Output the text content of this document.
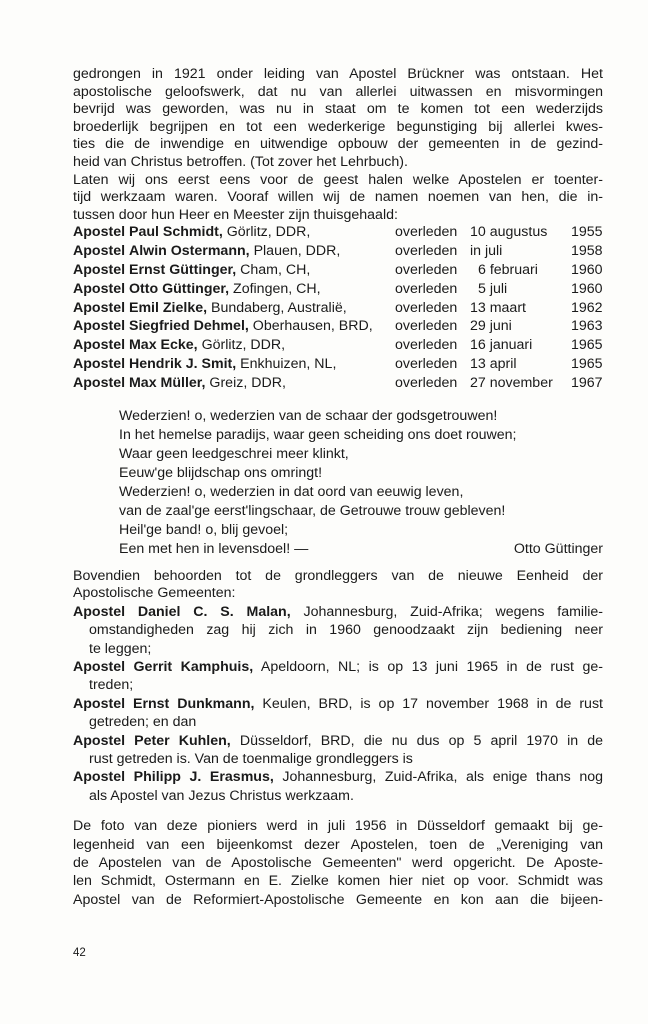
gedrongen in 1921 onder leiding van Apostel Brückner was ontstaan. Het

apostolische geloofswerk, dat nu van allerlei uitwassen en misvormingen

bevrijd was geworden, was nu in staat om te komen tot een wederzijds

broederlijk begrijpen en tot een wederkerige begunstiging bij allerlei kwes-

ties die de inwendige en uitwendige opbouw der gemeenten in de gezind-

heid van Christus betroffen. (Tot zover het Lehrbuch).

Laten wij ons eerst eens voor de geest halen welke Apostelen er toenter-

tijd werkzaam waren. Vooraf willen wij de namen noemen van hen, die in-

tussen door hun Heer en Meester zijn thuisgehaald:

Apostel Paul Schmidt, Görlitz, DDR,	overleden 10 augustus 1955
Apostel Alwin Ostermann, Plauen, DDR,	overleden in juli	1958
Apostel Ernst Güttinger, Cham, CH,	overleden 6 februari 1960
Apostel Otto Güttinger, Zofingen, CH,	overleden 5 juli	1960
Apostel Emil Zielke, Bundaberg, Australië,	overleden 13 maart	1962
Apostel Siegfried Dehmel, Oberhausen, BRD, overleden 29 juni	1963
Apostel Max Ecke, Görlitz, DDR,	overleden 16 januari	1965
Apostel Hendrik J. Smit, Enkhuizen, NL,	overleden 13 april	1965
Apostel Max Müller, Greiz, DDR,	overleden 27 november 1967
Wederzien! o, wederzien van de schaar der godsgetrouwen!
In het hemelse paradijs, waar geen scheiding ons doet rouwen;
Waar geen leedgeschrei meer klinkt,
Eeuw'ge blijdschap ons omringt!
Wederzien! o, wederzien in dat oord van eeuwig leven,
van de zaal'ge eerst'lingschaar, de Getrouwe trouw gebleven!
Heil'ge band! o, blij gevoel;
Een met hen in levensdoel! —	Otto Güttinger

Bovendien behoorden tot de grondleggers van de nieuwe Eenheid der

Apostolische Gemeenten:

Apostel Daniel C. S. Malan, Johannesburg, Zuid-Afrika; wegens familie-

omstandigheden zag hij zich in 1960 genoodzaakt zijn bediening neer

te leggen;

Apostel Gerrit Kamphuis, Apeldoorn, NL; is op 13 juni 1965 in de rust ge-

treden;

Apostel Ernst Dunkmann, Keulen, BRD, is op 17 november 1968 in de rust

getreden; en dan

Apostel Peter Kuhlen, Düsseldorf, BRD, die nu dus op 5 april 1970 in de

rust getreden is. Van de toenmalige grondleggers is

Apostel Philipp J. Erasmus, Johannesburg, Zuid-Afrika, als enige thans nog

als Apostel van Jezus Christus werkzaam.

De foto van deze pioniers werd in juli 1956 in Düsseldorf gemaakt bij ge-

legenheid van een bijeenkomst dezer Apostelen, toen de „Vereniging van

de Apostelen van de Apostolische Gemeenten" werd opgericht. De Aposte-

len Schmidt, Ostermann en E. Zielke komen hier niet op voor. Schmidt was

Apostel van de Reformiert-Apostolische Gemeente en kon aan die bijeen-

42
